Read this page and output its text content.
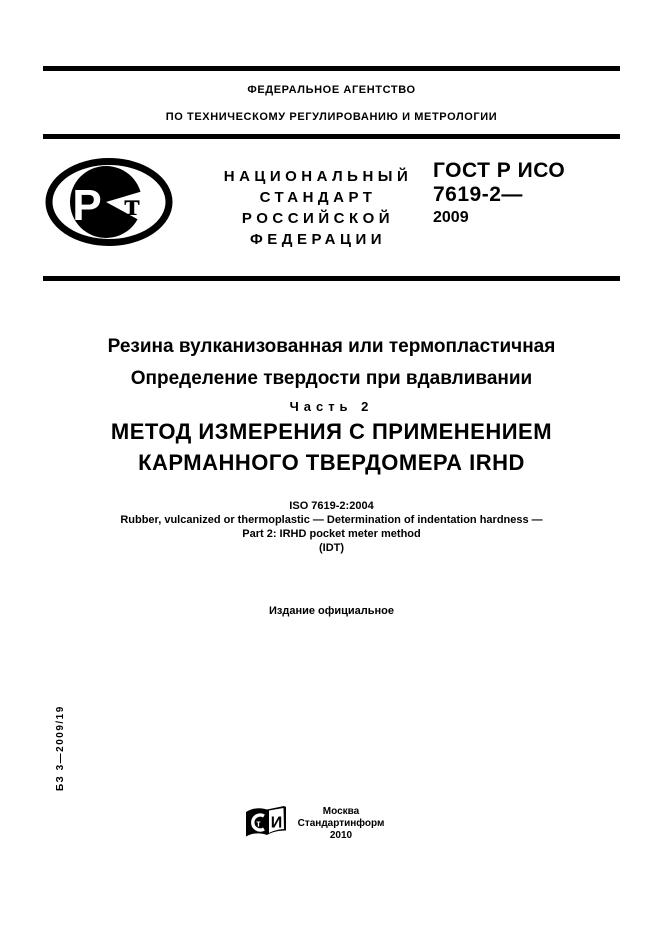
ФЕДЕРАЛЬНОЕ АГЕНТСТВО
ПО ТЕХНИЧЕСКОМУ РЕГУЛИРОВАНИЮ И МЕТРОЛОГИИ
Р т
НАЦИОНАЛЬНЫЙ
СТАНДАРТ
РОССИЙСКОЙ
ФЕДЕРАЦИИ
ГОСТ Р ИСО
7619-2—
2009
Резина вулканизованная или термопластичная
Определение твердости при вдавливании
Часть 2
МЕТОД ИЗМЕРЕНИЯ С ПРИМЕНЕНИЕМ
КАРМАННОГО ТВЕРДОМЕРА IRHD
ISO 7619-2:2004
Rubber, vulcanized or thermoplastic — Determination of indentation hardness —
Part 2: IRHD pocket meter method
(IDT)
Издание официальное
БЗ 3—2009/19
т И
Москва
Стандартинформ
2010
